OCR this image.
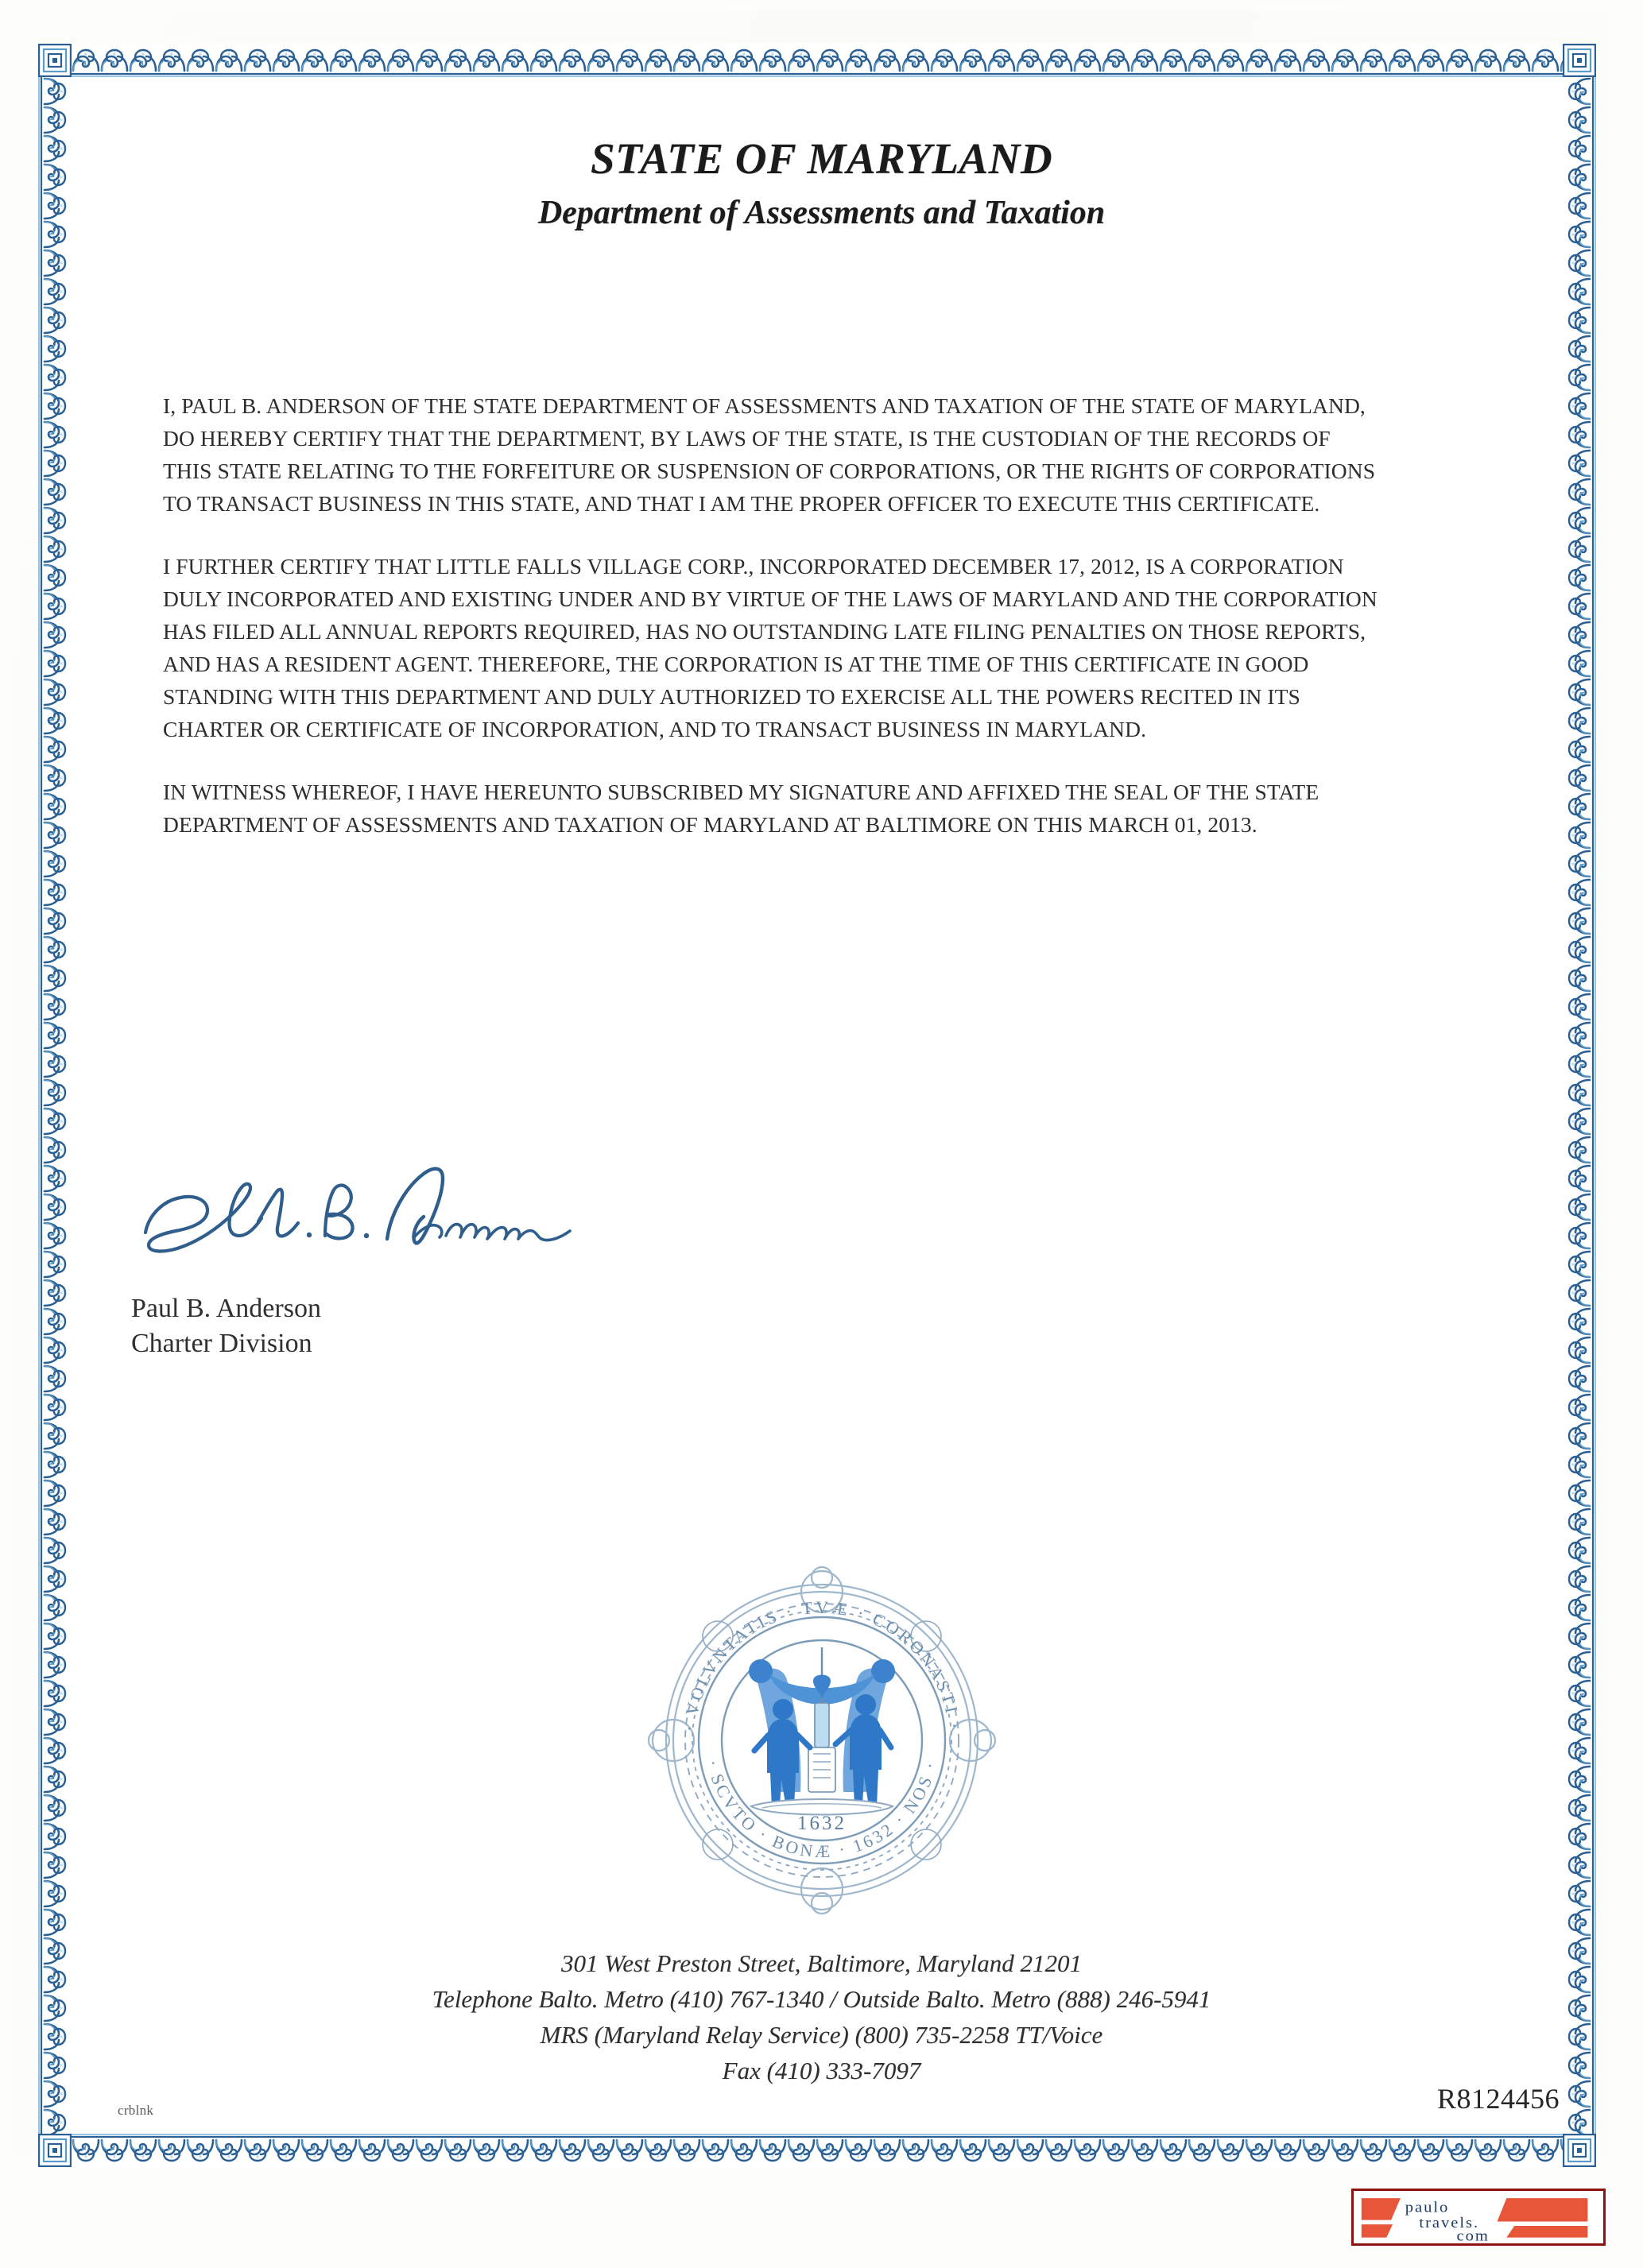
STATE OF MARYLAND
Department of Assessments and Taxation

I, PAUL B. ANDERSON OF THE STATE DEPARTMENT OF ASSESSMENTS AND TAXATION OF THE STATE OF MARYLAND, DO HEREBY CERTIFY THAT THE DEPARTMENT, BY LAWS OF THE STATE, IS THE CUSTODIAN OF THE RECORDS OF THIS STATE RELATING TO THE FORFEITURE OR SUSPENSION OF CORPORATIONS, OR THE RIGHTS OF CORPORATIONS TO TRANSACT BUSINESS IN THIS STATE, AND THAT I AM THE PROPER OFFICER TO EXECUTE THIS CERTIFICATE.

I FURTHER CERTIFY THAT LITTLE FALLS VILLAGE CORP., INCORPORATED DECEMBER 17, 2012, IS A CORPORATION DULY INCORPORATED AND EXISTING UNDER AND BY VIRTUE OF THE LAWS OF MARYLAND AND THE CORPORATION HAS FILED ALL ANNUAL REPORTS REQUIRED, HAS NO OUTSTANDING LATE FILING PENALTIES ON THOSE REPORTS, AND HAS A RESIDENT AGENT. THEREFORE, THE CORPORATION IS AT THE TIME OF THIS CERTIFICATE IN GOOD STANDING WITH THIS DEPARTMENT AND DULY AUTHORIZED TO EXERCISE ALL THE POWERS RECITED IN ITS CHARTER OR CERTIFICATE OF INCORPORATION, AND TO TRANSACT BUSINESS IN MARYLAND.

IN WITNESS WHEREOF, I HAVE HEREUNTO SUBSCRIBED MY SIGNATURE AND AFFIXED THE SEAL OF THE STATE DEPARTMENT OF ASSESSMENTS AND TAXATION OF MARYLAND AT BALTIMORE ON THIS MARCH 01, 2013.

Paul B. Anderson

Charter Division

· VOLVNTATIS · TVÆ · CORONASTI ·
· SCVTO · BONÆ · 1632 · NOS ·
1632

301 West Preston Street, Baltimore, Maryland 21201

Telephone Balto. Metro (410) 767-1340 / Outside Balto. Metro (888) 246-5941

MRS (Maryland Relay Service) (800) 735-2258 TT/Voice

Fax (410) 333-7097

crblnk	R8124456
paulo
travels.
com
